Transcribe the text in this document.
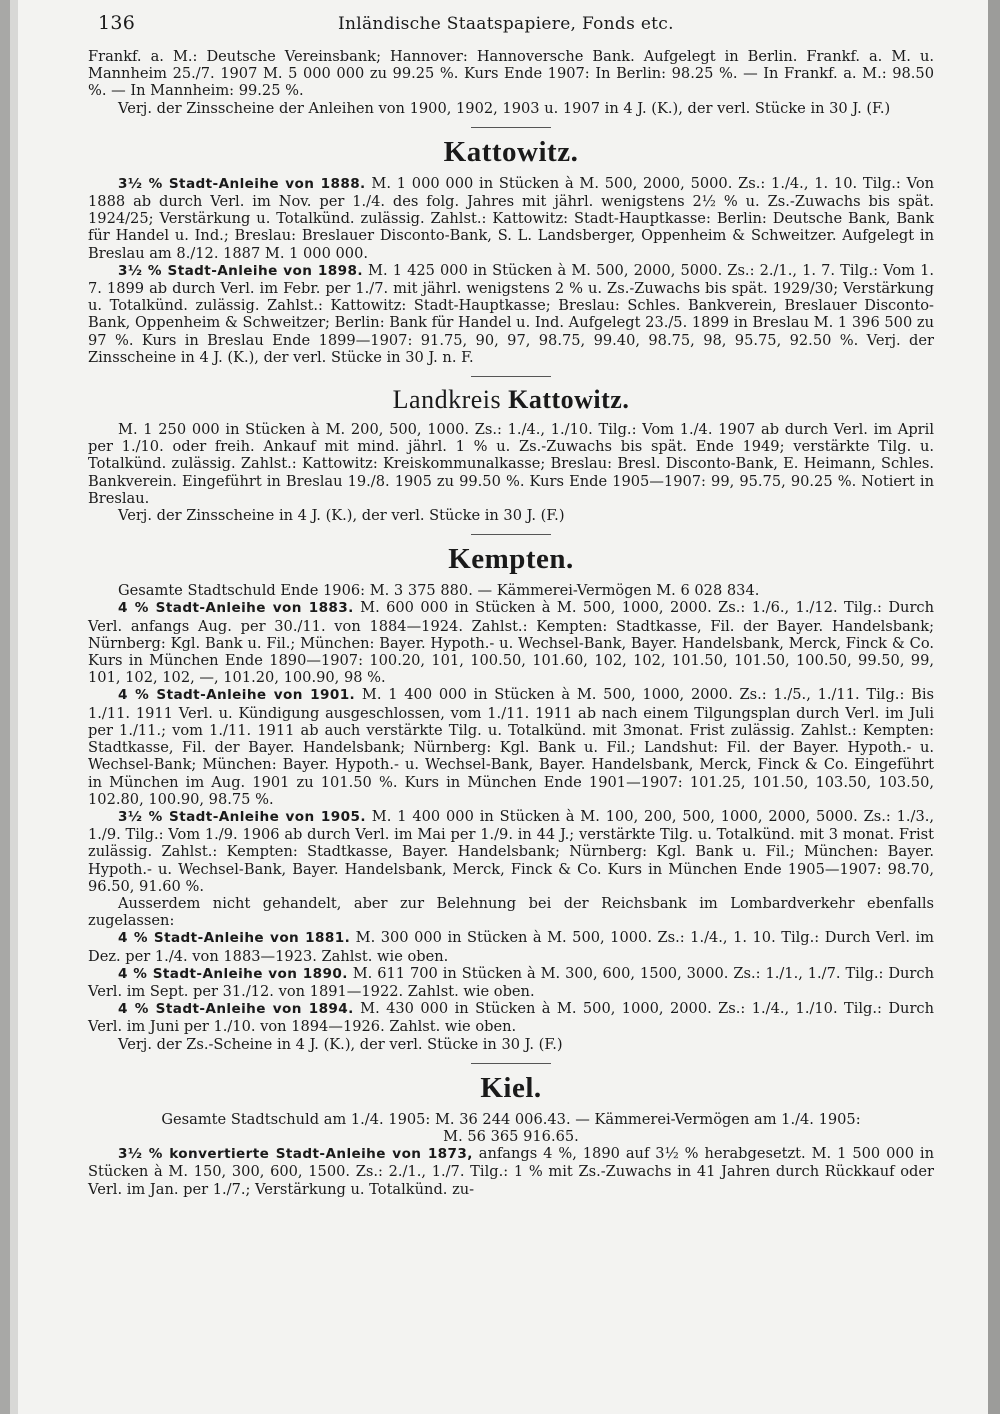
136	Inländische Staatspapiere, Fonds etc.

Frankf. a. M.: Deutsche Vereinsbank; Hannover: Hannoversche Bank. Aufgelegt in Berlin. Frankf. a. M. u. Mannheim 25./7. 1907 M. 5 000 000 zu 99.25 %. Kurs Ende 1907: In Berlin: 98.25 %. — In Frankf. a. M.: 98.50 %. — In Mannheim: 99.25 %.

Verj. der Zinsscheine der Anleihen von 1900, 1902, 1903 u. 1907 in 4 J. (K.), der verl. Stücke in 30 J. (F.)

Kattowitz.

3½ % Stadt-Anleihe von 1888. M. 1 000 000 in Stücken à M. 500, 2000, 5000. Zs.: 1./4., 1. 10. Tilg.: Von 1888 ab durch Verl. im Nov. per 1./4. des folg. Jahres mit jährl. wenigstens 2½ % u. Zs.-Zuwachs bis spät. 1924/25; Verstärkung u. Totalkünd. zulässig. Zahlst.: Kattowitz: Stadt-Hauptkasse: Berlin: Deutsche Bank, Bank für Handel u. Ind.; Breslau: Breslauer Disconto-Bank, S. L. Landsberger, Oppenheim & Schweitzer. Aufgelegt in Breslau am 8./12. 1887 M. 1 000 000.

3½ % Stadt-Anleihe von 1898. M. 1 425 000 in Stücken à M. 500, 2000, 5000. Zs.: 2./1., 1. 7. Tilg.: Vom 1. 7. 1899 ab durch Verl. im Febr. per 1./7. mit jährl. wenigstens 2 % u. Zs.-Zuwachs bis spät. 1929/30; Verstärkung u. Totalkünd. zulässig. Zahlst.: Kattowitz: Stadt-Hauptkasse; Breslau: Schles. Bankverein, Breslauer Disconto-Bank, Oppenheim & Schweitzer; Berlin: Bank für Handel u. Ind. Aufgelegt 23./5. 1899 in Breslau M. 1 396 500 zu 97 %. Kurs in Breslau Ende 1899—1907: 91.75, 90, 97, 98.75, 99.40, 98.75, 98, 95.75, 92.50 %. Verj. der Zinsscheine in 4 J. (K.), der verl. Stücke in 30 J. n. F.

Landkreis Kattowitz.

M. 1 250 000 in Stücken à M. 200, 500, 1000. Zs.: 1./4., 1./10. Tilg.: Vom 1./4. 1907 ab durch Verl. im April per 1./10. oder freih. Ankauf mit mind. jährl. 1 % u. Zs.-Zuwachs bis spät. Ende 1949; verstärkte Tilg. u. Totalkünd. zulässig. Zahlst.: Kattowitz: Kreiskommunalkasse; Breslau: Bresl. Disconto-Bank, E. Heimann, Schles. Bankverein. Eingeführt in Breslau 19./8. 1905 zu 99.50 %. Kurs Ende 1905—1907: 99, 95.75, 90.25 %. Notiert in Breslau.

Verj. der Zinsscheine in 4 J. (K.), der verl. Stücke in 30 J. (F.)

Kempten.

Gesamte Stadtschuld Ende 1906: M. 3 375 880. — Kämmerei-Vermögen M. 6 028 834.

4 % Stadt-Anleihe von 1883. M. 600 000 in Stücken à M. 500, 1000, 2000. Zs.: 1./6., 1./12. Tilg.: Durch Verl. anfangs Aug. per 30./11. von 1884—1924. Zahlst.: Kempten: Stadtkasse, Fil. der Bayer. Handelsbank; Nürnberg: Kgl. Bank u. Fil.; München: Bayer. Hypoth.- u. Wechsel-Bank, Bayer. Handelsbank, Merck, Finck & Co. Kurs in München Ende 1890—1907: 100.20, 101, 100.50, 101.60, 102, 102, 101.50, 101.50, 100.50, 99.50, 99, 101, 102, 102, —, 101.20, 100.90, 98 %.

4 % Stadt-Anleihe von 1901. M. 1 400 000 in Stücken à M. 500, 1000, 2000. Zs.: 1./5., 1./11. Tilg.: Bis 1./11. 1911 Verl. u. Kündigung ausgeschlossen, vom 1./11. 1911 ab nach einem Tilgungsplan durch Verl. im Juli per 1./11.; vom 1./11. 1911 ab auch verstärkte Tilg. u. Totalkünd. mit 3monat. Frist zulässig. Zahlst.: Kempten: Stadtkasse, Fil. der Bayer. Handelsbank; Nürnberg: Kgl. Bank u. Fil.; Landshut: Fil. der Bayer. Hypoth.- u. Wechsel-Bank; München: Bayer. Hypoth.- u. Wechsel-Bank, Bayer. Handelsbank, Merck, Finck & Co. Eingeführt in München im Aug. 1901 zu 101.50 %. Kurs in München Ende 1901—1907: 101.25, 101.50, 103.50, 103.50, 102.80, 100.90, 98.75 %.

3½ % Stadt-Anleihe von 1905. M. 1 400 000 in Stücken à M. 100, 200, 500, 1000, 2000, 5000. Zs.: 1./3., 1./9. Tilg.: Vom 1./9. 1906 ab durch Verl. im Mai per 1./9. in 44 J.; verstärkte Tilg. u. Totalkünd. mit 3 monat. Frist zulässig. Zahlst.: Kempten: Stadtkasse, Bayer. Handelsbank; Nürnberg: Kgl. Bank u. Fil.; München: Bayer. Hypoth.- u. Wechsel-Bank, Bayer. Handelsbank, Merck, Finck & Co. Kurs in München Ende 1905—1907: 98.70, 96.50, 91.60 %.

Ausserdem nicht gehandelt, aber zur Belehnung bei der Reichsbank im Lombardverkehr ebenfalls zugelassen:

4 % Stadt-Anleihe von 1881. M. 300 000 in Stücken à M. 500, 1000. Zs.: 1./4., 1. 10. Tilg.: Durch Verl. im Dez. per 1./4. von 1883—1923. Zahlst. wie oben.

4 % Stadt-Anleihe von 1890. M. 611 700 in Stücken à M. 300, 600, 1500, 3000. Zs.: 1./1., 1./7. Tilg.: Durch Verl. im Sept. per 31./12. von 1891—1922. Zahlst. wie oben.

4 % Stadt-Anleihe von 1894. M. 430 000 in Stücken à M. 500, 1000, 2000. Zs.: 1./4., 1./10. Tilg.: Durch Verl. im Juni per 1./10. von 1894—1926. Zahlst. wie oben.

Verj. der Zs.-Scheine in 4 J. (K.), der verl. Stücke in 30 J. (F.)

Kiel.

Gesamte Stadtschuld am 1./4. 1905: M. 36 244 006.43. — Kämmerei-Vermögen am 1./4. 1905:

M. 56 365 916.65.

3½ % konvertierte Stadt-Anleihe von 1873, anfangs 4 %, 1890 auf 3½ % herabgesetzt. M. 1 500 000 in Stücken à M. 150, 300, 600, 1500. Zs.: 2./1., 1./7. Tilg.: 1 % mit Zs.-Zuwachs in 41 Jahren durch Rückkauf oder Verl. im Jan. per 1./7.; Verstärkung u. Totalkünd. zu-
